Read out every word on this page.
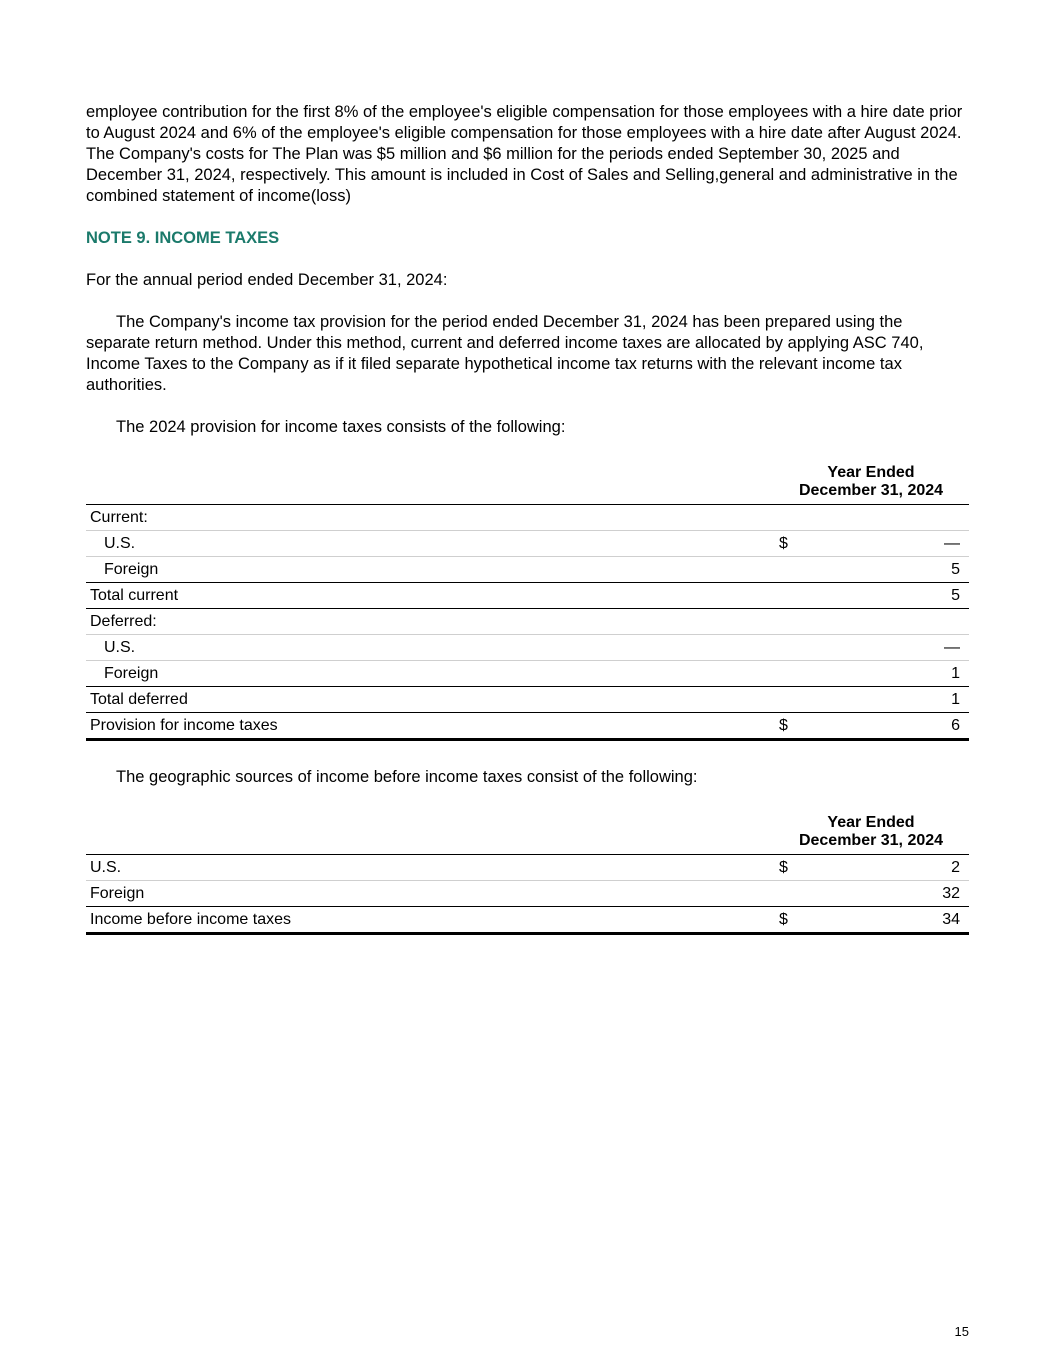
employee contribution for the first 8% of the employee's eligible compensation for those employees with a hire date prior to August 2024 and 6% of the employee's eligible compensation for those employees with a hire date after August 2024. The Company's costs for The Plan was $5 million and $6 million for the periods ended September 30, 2025 and December 31, 2024, respectively. This amount is included in Cost of Sales and Selling,general and administrative in the combined statement of income(loss)

NOTE 9. INCOME TAXES

For the annual period ended December 31, 2024:

The Company's income tax provision for the period ended December 31, 2024 has been prepared using the separate return method. Under this method, current and deferred income taxes are allocated by applying ASC 740, Income Taxes to the Company as if it filed separate hypothetical income tax returns with the relevant income tax authorities.

The 2024 provision for income taxes consists of the following:

Year Ended
December 31, 2024
Current:
U.S.	$	—
Foreign	5
Total current	5
Deferred:
U.S.	—
Foreign	1
Total deferred	1
Provision for income taxes	$	6

The geographic sources of income before income taxes consist of the following:

Year Ended
December 31, 2024
U.S.	$	2
Foreign	32
Income before income taxes	$	34
15
